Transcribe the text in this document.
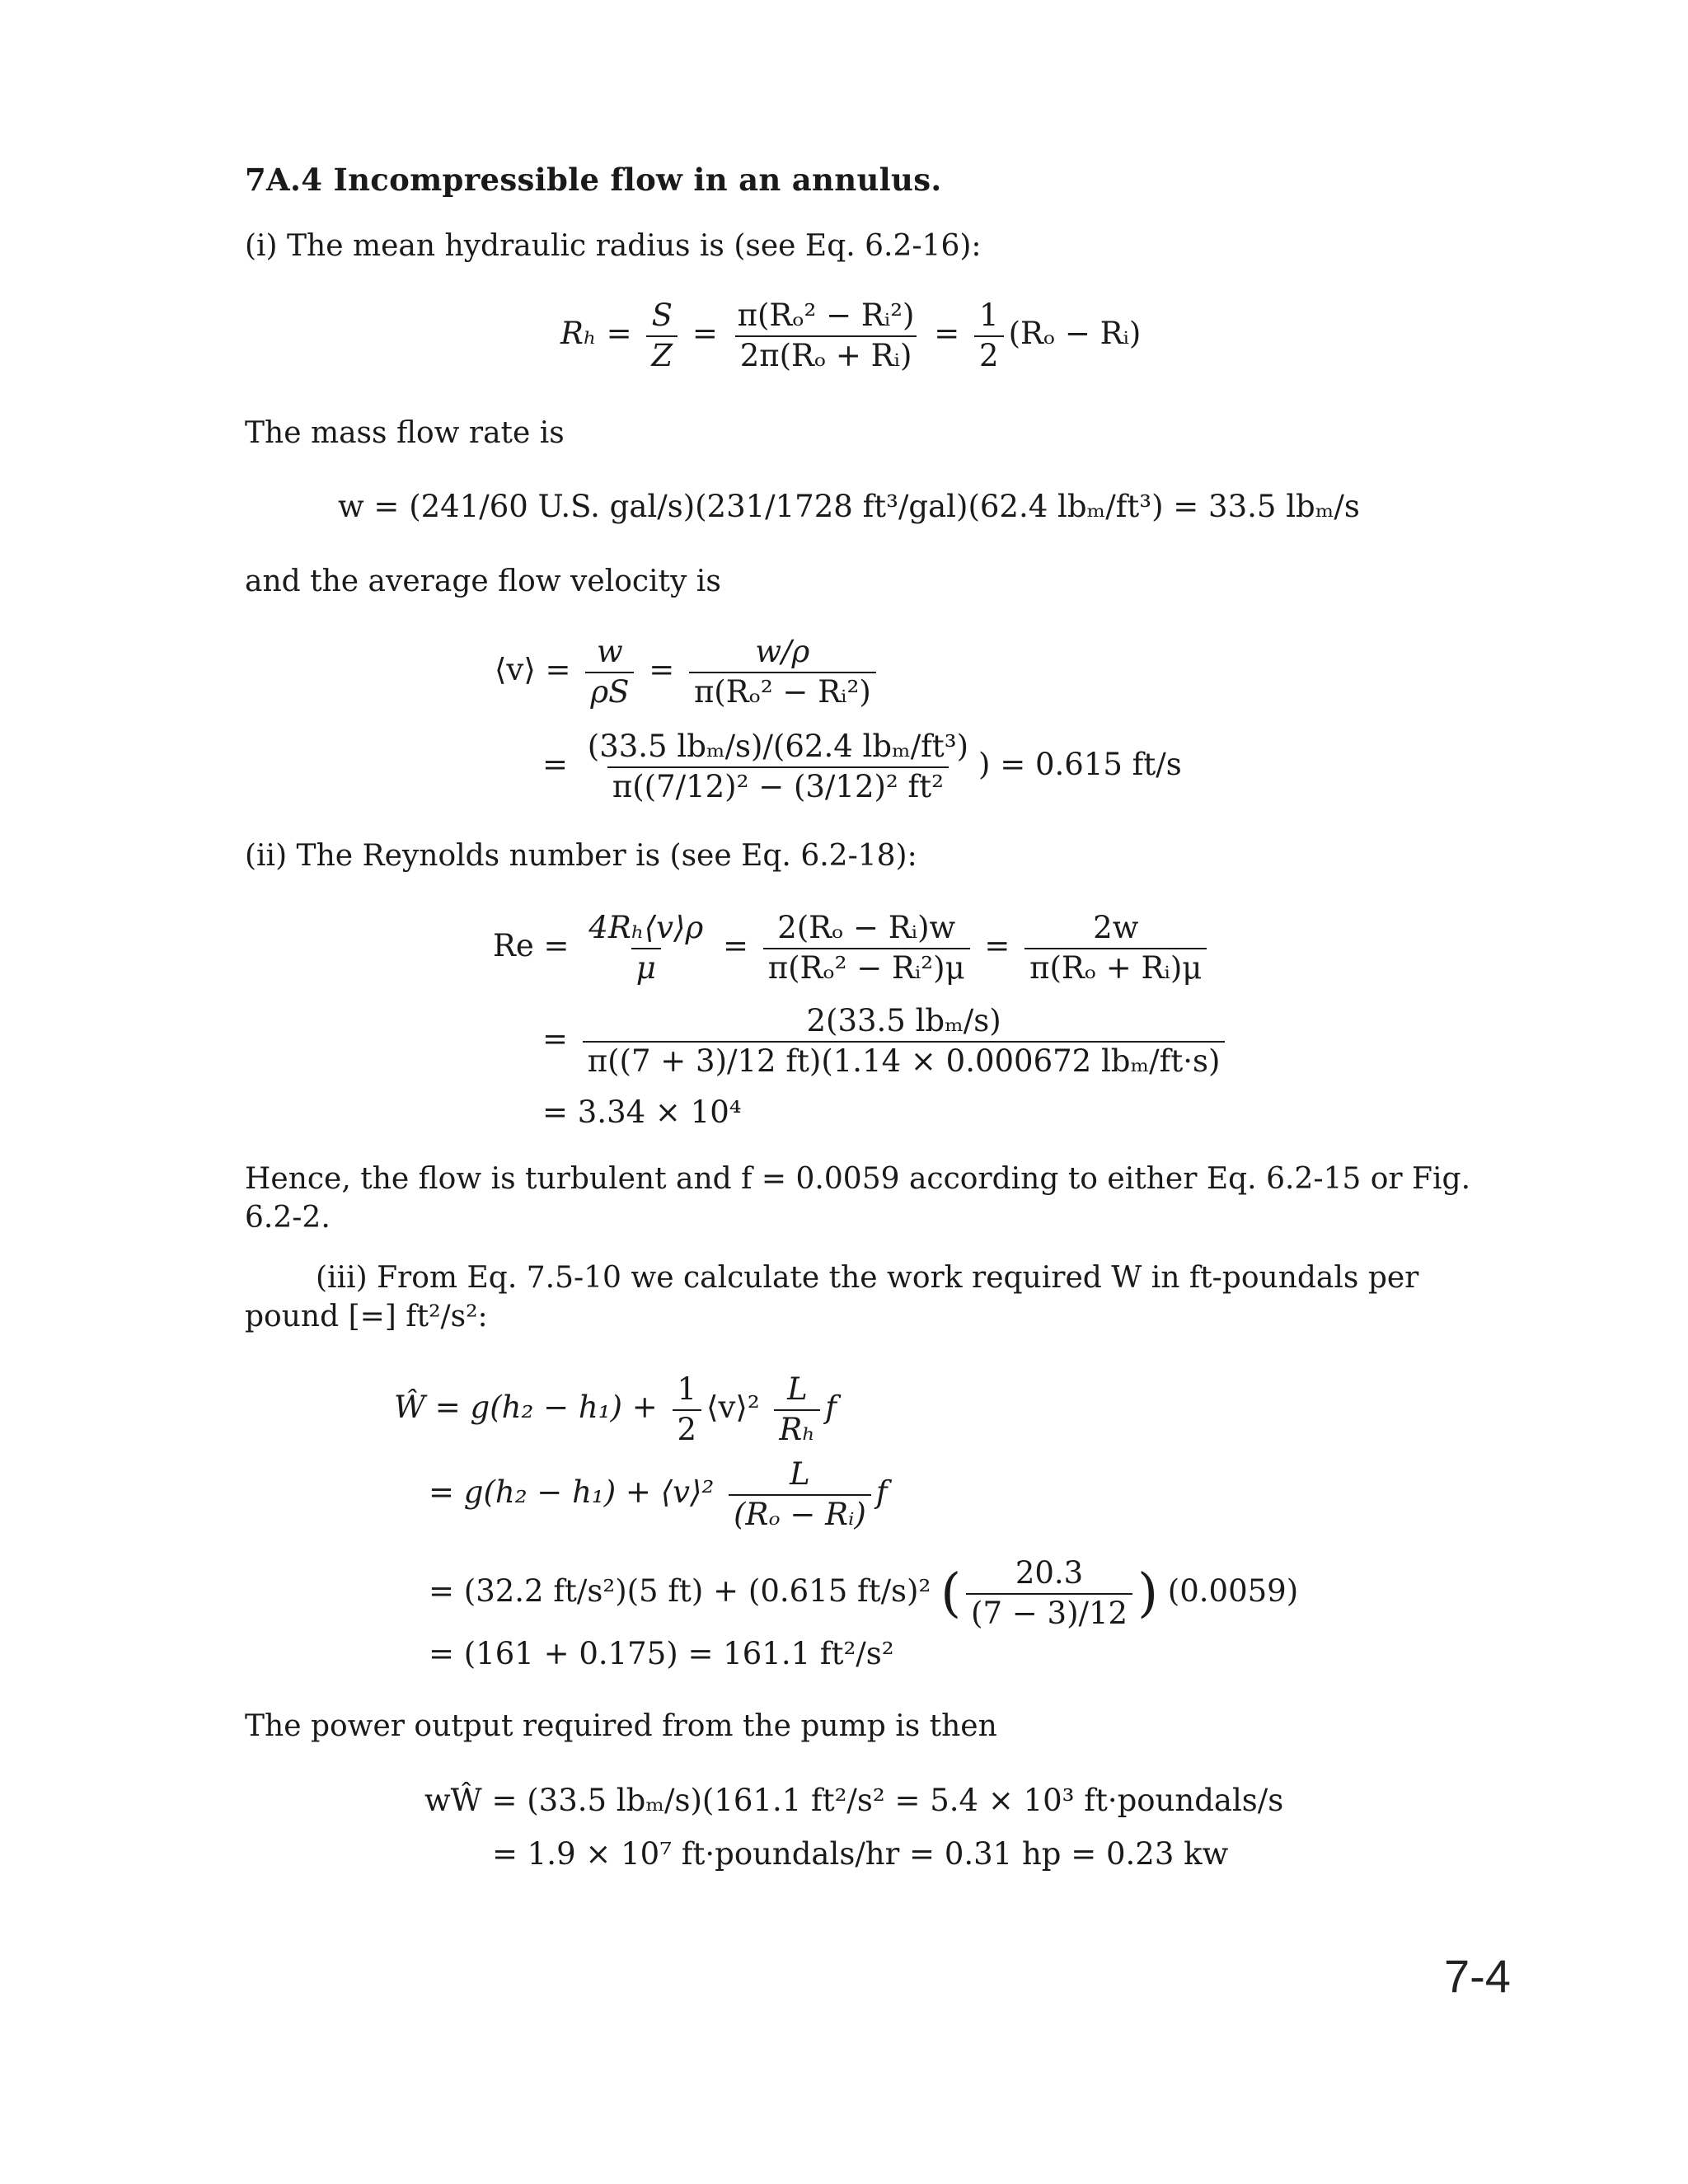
7A.4 Incompressible flow in an annulus.
(i) The mean hydraulic radius is (see Eq. 6.2-16):
$R_h = \frac{S}{Z} = \frac{\text{π(Rₒ² − Rᵢ²)}}{\text{2π(Rₒ + Rᵢ)}} = \frac{1}{2} (R_o$ − Rᵢ)
The mass flow rate is
w = (241/60 U.S. gal/s)(231/1728 ft³/gal)(62.4 lbₘ/ft³) = 33.5 lbₘ/s
and the average flow velocity is
⟨v⟩ = $\frac{w}{\rho S} = \frac{w/\rho}{\text{π(Rₒ² − Rᵢ²)}}$
= $\frac{\text{(33.5 lbₘ/s)/(62.4 lbₘ/ft³)}}{\text{π((7/12)² − (3/12)² ft²}}$ ) = 0.615 ft/s
(ii) The Reynolds number is (see Eq. 6.2-18):
$Re = \frac{\text{4Rₕ⟨v⟩ρ}}{\mu} = \frac{\text{2(Rₒ − Rᵢ)w}}{\text{π(Rₒ² − Rᵢ²)μ}} = \frac{2w}{\text{π(Rₒ + Rᵢ)μ}}$
= $\frac{\text{2(33.5 lbₘ/s)}}{\text{π((7 + 3)/12 ft)(1.14 × 0.000672 lbₘ/ft·s)}}$
= 3.34 × 10⁴
Hence, the flow is turbulent and f = 0.0059 according to either Eq. 6.2-15 or Fig.
6.2-2.
(iii) From Eq. 7.5-10 we calculate the work required W in ft-poundals per
pound [=] ft²/s²:
Ŵ = $g(h_2 - h_1) + \frac{1}{2}$ ⟨v⟩² $\frac{L}{\text{Rₕ}}$ f
= g(h₂ − h₁) + ⟨v⟩² $\frac{L}{\text{(Rₒ − Rᵢ)}}$ f
= (32.2 ft/s²)(5 ft) + (0.615 ft/s)² ( $\frac{20.3}{(7 - 3)/12}$ ) (0.0059)
= (161 + 0.175) = 161.1 ft²/s²
The power output required from the pump is then
wŴ = (33.5 lbₘ/s)(161.1 ft²/s² = 5.4 × 10³ ft·poundals/s
= 1.9 × 10⁷ ft·poundals/hr = 0.31 hp = 0.23 kw
7-4
